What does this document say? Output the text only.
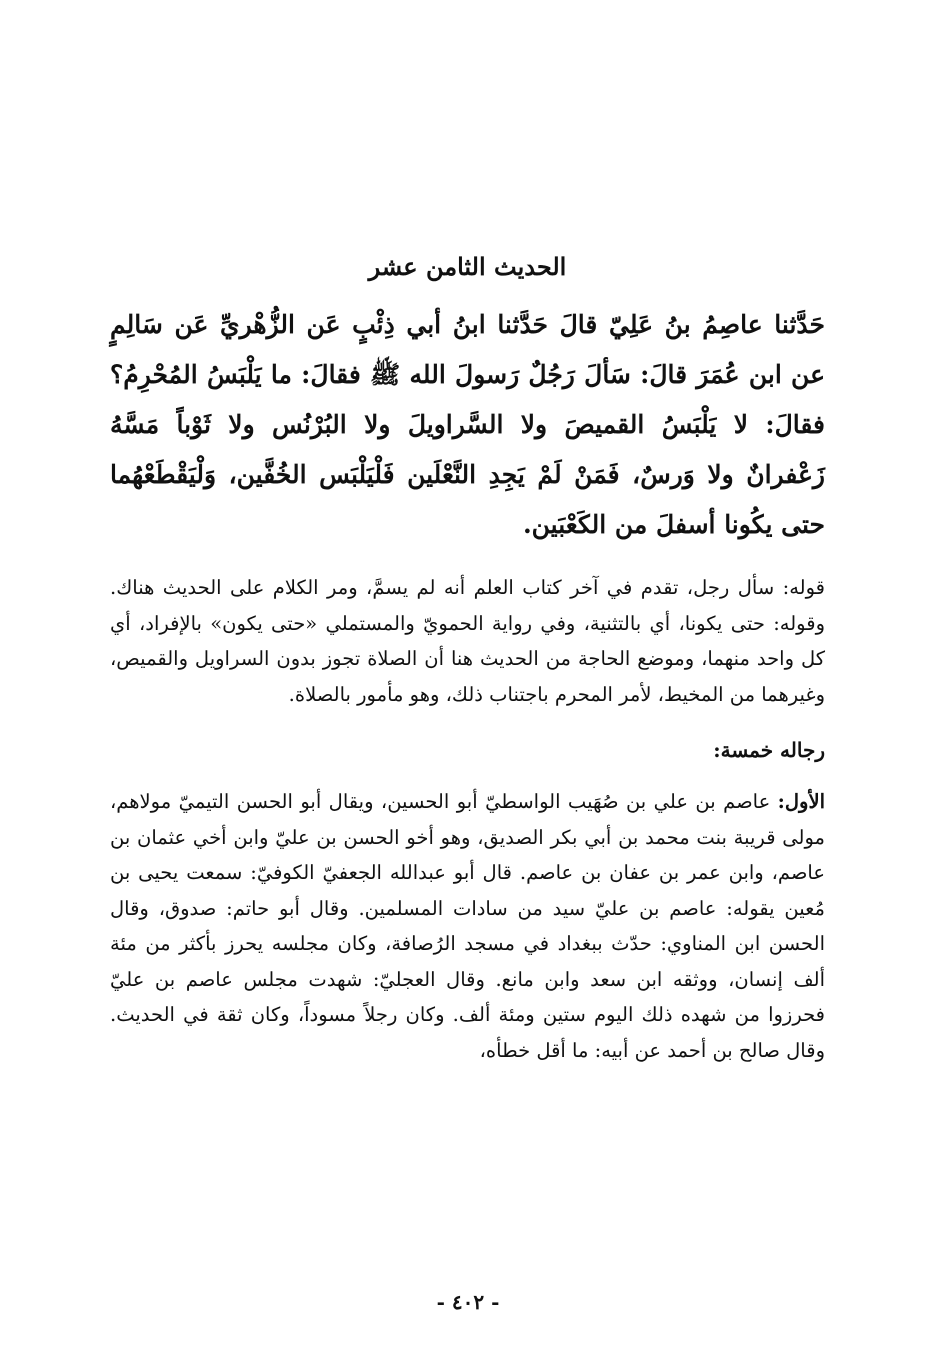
الحديث الثامن عشر

حَدَّثنا عاصِمُ بنُ عَلِيّ قالَ حَدَّثنا ابنُ أبي ذِئْبٍ عَن الزُّهْريِّ عَن سَالِمٍ عن ابن عُمَرَ قالَ: سَألَ رَجُلٌ رَسولَ الله ﷺ فقالَ: ما يَلْبَسُ المُحْرِمُ؟ فقالَ: لا يَلْبَسُ القميصَ ولا السَّراويلَ ولا البُرْنُس ولا ثَوْباً مَسَّهُ زَعْفرانٌ ولا وَرسٌ، فَمَنْ لَمْ يَجِدِ النَّعْلَين فَلْيَلْبَس الخُفَّين، وَلْيَقْطَعْهُما حتى يكُونا أسفلَ من الكَعْبَين.

قوله: سأل رجل، تقدم في آخر كتاب العلم أنه لم يسمَّ، ومر الكلام على الحديث هناك. وقوله: حتى يكونا، أي بالتثنية، وفي رواية الحمويّ والمستملي «حتى يكون» بالإفراد، أي كل واحد منهما، وموضع الحاجة من الحديث هنا أن الصلاة تجوز بدون السراويل والقميص، وغيرهما من المخيط، لأمر المحرم باجتناب ذلك، وهو مأمور بالصلاة.

رجاله خمسة:

الأول: عاصم بن علي بن صُهَيب الواسطيّ أبو الحسين، ويقال أبو الحسن التيميّ مولاهم، مولى قريبة بنت محمد بن أبي بكر الصديق، وهو أخو الحسن بن عليّ وابن أخي عثمان بن عاصم، وابن عمر بن عفان بن عاصم. قال أبو عبدالله الجعفيّ الكوفيّ: سمعت يحيى بن مُعين يقوله: عاصم بن عليّ سيد من سادات المسلمين. وقال أبو حاتم: صدوق، وقال الحسن ابن المناوي: حدّث ببغداد في مسجد الرُصافة، وكان مجلسه يحرز بأكثر من مئة ألف إنسان، ووثقه ابن سعد وابن مانع. وقال العجليّ: شهدت مجلس عاصم بن عليّ فحرزوا من شهده ذلك اليوم ستين ومئة ألف. وكان رجلاً مسوداً، وكان ثقة في الحديث. وقال صالح بن أحمد عن أبيه: ما أقل خطأه،

- ٤٠٢ -
